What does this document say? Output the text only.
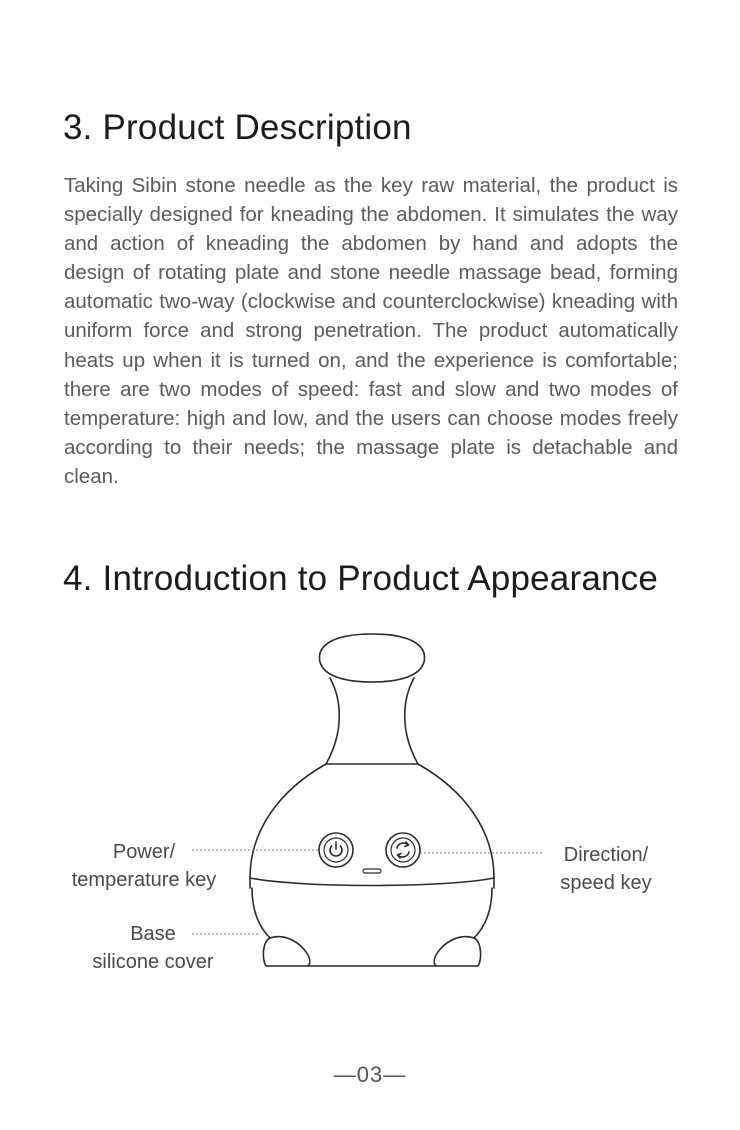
3. Product Description

Taking Sibin stone needle as the key raw material, the product is specially designed for kneading the abdomen. It simulates the way and action of kneading the abdomen by hand and adopts the design of rotating plate and stone needle massage bead, forming automatic two-way (clockwise and counterclockwise) kneading with uniform force and strong penetration. The product automatically heats up when it is turned on, and the experience is comfortable; there are two modes of speed: fast and slow and two modes of temperature: high and low, and the users can choose modes freely according to their needs; the massage plate is detachable and clean.

4. Introduction to Product Appearance
Power/
temperature key
Direction/
speed key
Base
silicone cover
—03—
